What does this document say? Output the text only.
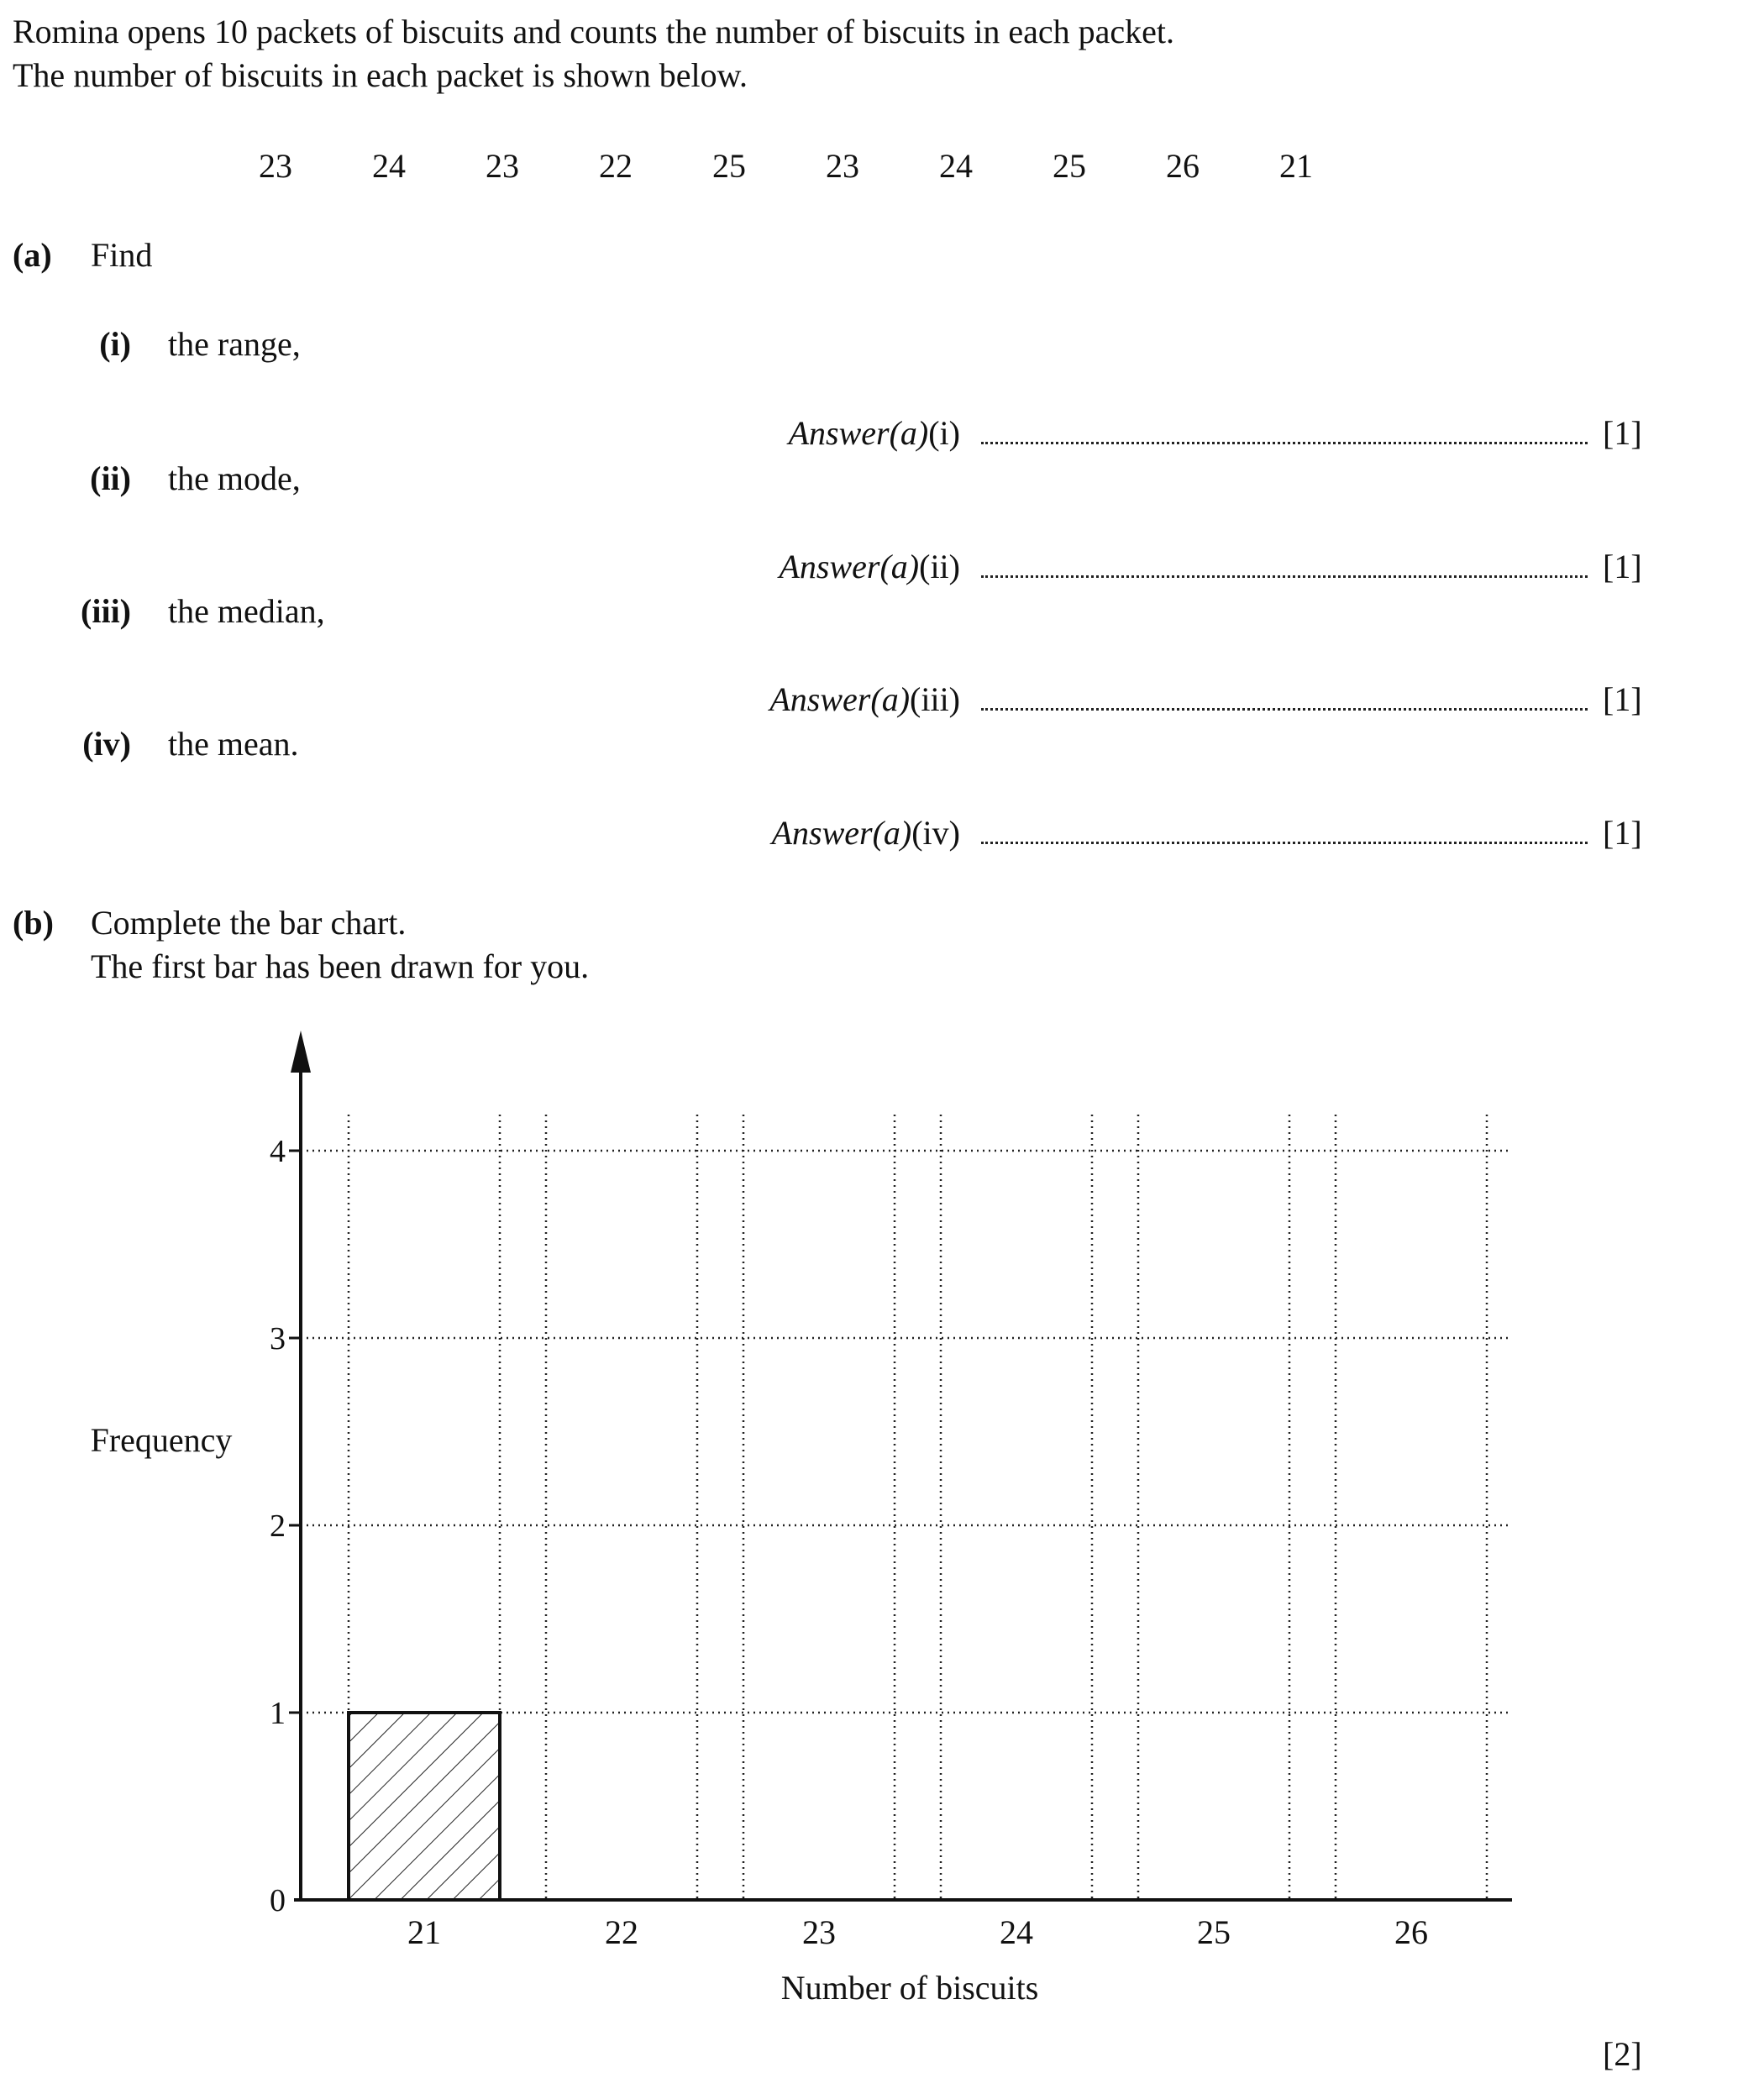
Romina opens 10 packets of biscuits and counts the number of biscuits in each packet.
The number of biscuits in each packet is shown below.
23 24 23 22 25 23 24 25 26 21
(a) Find
(i) the range,
Answer(a)(i)	[1]
(ii) the mode,
Answer(a)(ii)	[1]
(iii) the median,
Answer(a)(iii)	[1]
(iv) the mean.
Answer(a)(iv)	[1]
(b) Complete the bar chart.
The first bar has been drawn for you.
Frequency
Number of biscuits
0
1
2
3
4
21	22	23	24	25	26
[2]
